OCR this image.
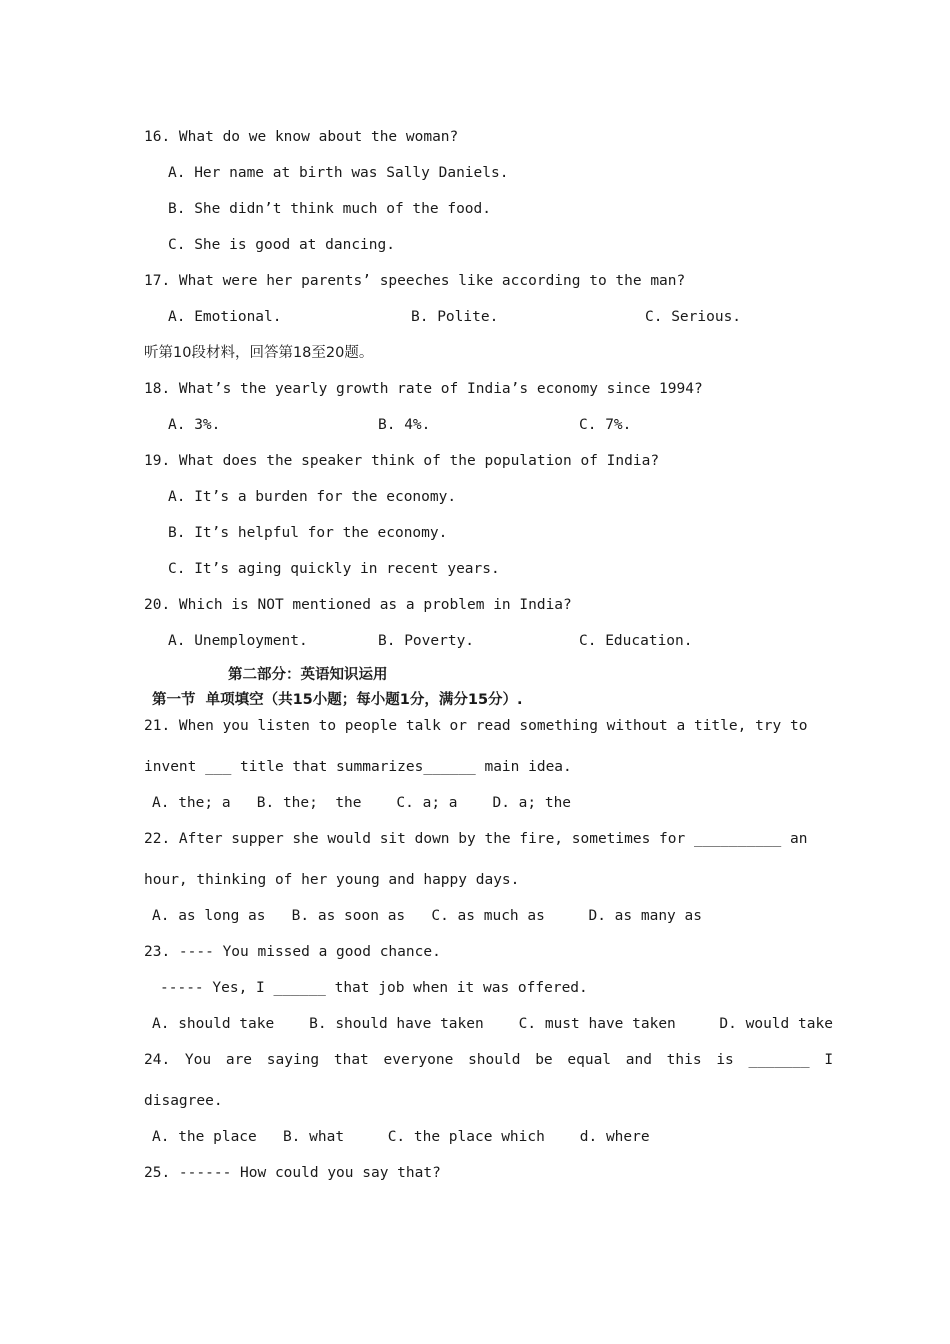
16. What do we know about the woman?
A. Her name at birth was Sally Daniels.
B. She didn’t think much of the food.
C. She is good at dancing.
17. What were her parents’ speeches like according to the man?
A. Emotional.	B. Polite.	C. Serious.
听第10段材料，回答第18至20题。
18. What’s the yearly growth rate of India’s economy since 1994?
A. 3%.	B. 4%.	C. 7%.
19. What does the speaker think of the population of India?
A. It’s a burden for the economy.
B. It’s helpful for the economy.
C. It’s aging quickly in recent years.
20. Which is NOT mentioned as a problem in India?
A. Unemployment.	B. Poverty.	C. Education.
第二部分：英语知识运用
第一节  单项填空（共15小题；每小题1分，满分15分）.
21. When you listen to people talk or read something without a title, try to
invent ___ title that summarizes______ main idea.
A. the; a   B. the;  the    C. a; a    D. a; the
22. After supper she would sit down by the fire, sometimes for __________ an
hour, thinking of her young and happy days.
A. as long as   B. as soon as   C. as much as     D. as many as
23. ---- You missed a good chance.
----- Yes, I ______ that job when it was offered.
A. should take    B. should have taken    C. must have taken     D. would take
24. You are saying that everyone should be equal and this is _______ I
disagree.
A. the place   B. what     C. the place which    d. where
25. ------ How could you say that?
